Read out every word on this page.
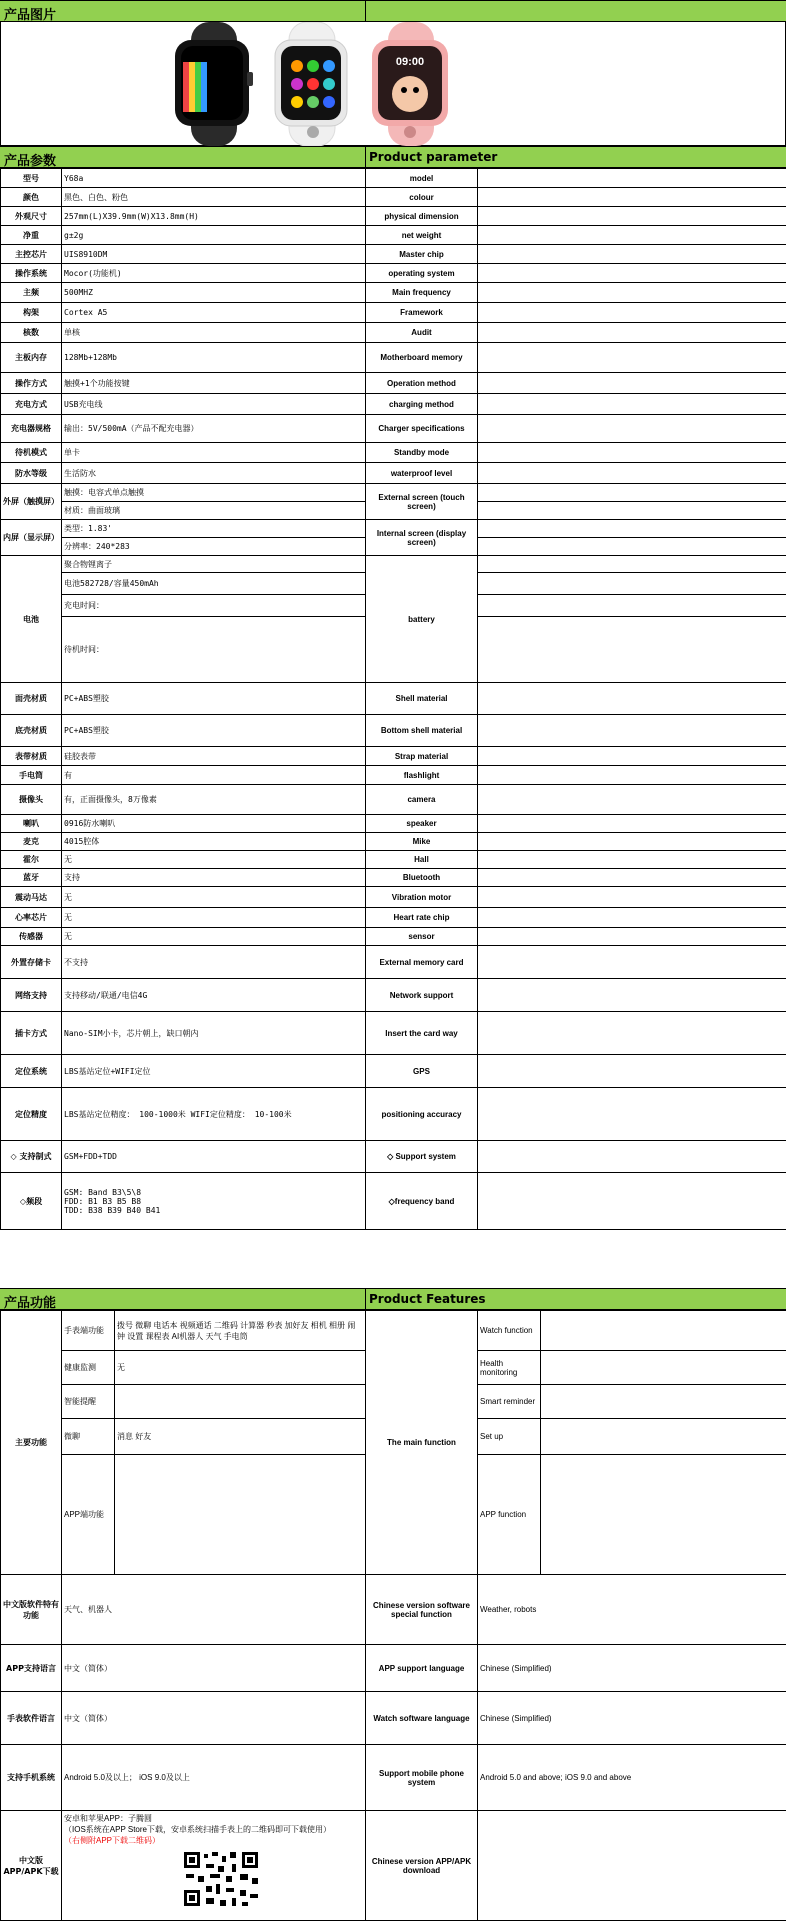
产品图片
09:00
产品参数	Product parameter
型号	Y68a	model	
颜色	黑色、白色、粉色	colour	
外观尺寸	257mm(L)X39.9mm(W)X13.8mm(H)	physical dimension	
净重	g±2g	net weight	
主控芯片	UIS8910DM	Master chip	
操作系统	Mocor(功能机)	operating system	
主频	500MHZ	Main frequency	
构架	Cortex A5	Framework	
核数	单核	Audit	
主板内存	128Mb+128Mb	Motherboard memory	
操作方式	触摸+1个功能按键	Operation method	
充电方式	USB充电线	charging method	
充电器规格	输出：5V/500mA（产品不配充电器）	Charger specifications	
待机模式	单卡	Standby mode	
防水等级	生活防水	waterproof level	
外屏（触摸屏）	触摸：电容式单点触摸	External screen (touch screen)	
	材质：曲面玻璃		
内屏（显示屏）	类型：1.83'	Internal screen (display screen)	
	分辨率：240*283		
电池	聚合物锂离子	battery	
	电池582728/容量450mAh		
	充电时间：		
	待机时间：		
面壳材质	PC+ABS塑胶	Shell material	
底壳材质	PC+ABS塑胶	Bottom shell material	
表带材质	硅胶表带	Strap material	
手电筒	有	flashlight	
摄像头	有，正面摄像头，8万像素	camera	
喇叭	0916防水喇叭	speaker	
麦克	4015腔体	Mike	
霍尔	无	Hall	
蓝牙	支持	Bluetooth	
震动马达	无	Vibration motor	
心率芯片	无	Heart rate chip	
传感器	无	sensor	
外置存储卡	不支持	External memory card	
网络支持	支持移动/联通/电信4G	Network support	
插卡方式	Nano-SIM小卡，芯片朝上，缺口朝内	Insert the card way	
定位系统	LBS基站定位+WIFI定位	GPS	
定位精度	LBS基站定位精度： 100-1000米 WIFI定位精度： 10-100米	positioning accuracy	
◇ 支持制式	GSM+FDD+TDD	◇ Support system	
◇频段	GSM: Band B3\5\8
FDD: B1 B3 B5 B8
TDD: B38 B39 B40 B41	◇frequency band	
产品功能	Product Features
主要功能	手表端功能	拨号 微聊 电话本 视频通话 二维码 计算器 秒表 加好友 相机 相册 闹钟 设置 课程表 AI机器人 天气 手电筒	The main function	Watch function	
	健康监测	无		Health monitoring	
	智能提醒			Smart reminder	
	微聊	消息 好友		Set up	
	APP端功能			APP function	
中文版软件特有功能	天气、机器人		Chinese version software special function	Weather, robots	
APP支持语言	中文（简体）		APP support language	Chinese (Simplified)	
手表软件语言	中文（简体）		Watch software language	Chinese (Simplified)	
支持手机系统	Android 5.0及以上； iOS 9.0及以上		Support mobile phone system	Android 5.0 and above; iOS 9.0 and above	
中文版APP/APK下载	安卓和苹果APP：子腾圆
（IOS系统在APP Store下载，安卓系统扫描手表上的二维码即可下载使用）
（右侧附APP下载二维码）		Chinese version APP/APK download		
